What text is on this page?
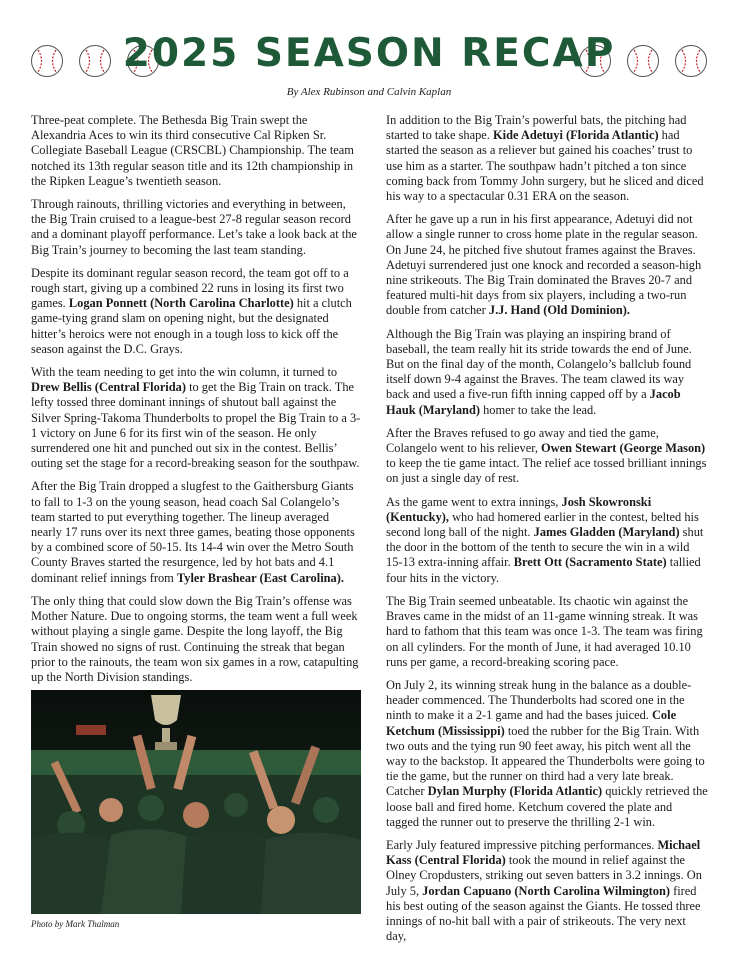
2025 SEASON RECAP
By Alex Rubinson and Calvin Kaplan

Three-peat complete. The Bethesda Big Train swept the Alexandria Aces to win its third consecutive Cal Ripken Sr. Collegiate Baseball League (CRSCBL) Championship. The team notched its 13th regular season title and its 12th championship in the Ripken League’s twentieth season.

Through rainouts, thrilling victories and everything in between, the Big Train cruised to a league-best 27-8 regular season record and a dominant playoff performance. Let’s take a look back at the Big Train’s journey to becoming the last team standing.

Despite its dominant regular season record, the team got off to a rough start, giving up a combined 22 runs in losing its first two games. Logan Ponnett (North Carolina Charlotte) hit a clutch game-tying grand slam on opening night, but the designated hitter’s heroics were not enough in a tough loss to kick off the season against the D.C. Grays.

With the team needing to get into the win column, it turned to Drew Bellis (Central Florida) to get the Big Train on track. The lefty tossed three dominant innings of shutout ball against the Silver Spring-Takoma Thunderbolts to propel the Big Train to a 3-1 victory on June 6 for its first win of the season. He only surrendered one hit and punched out six in the contest. Bellis’ outing set the stage for a record-breaking season for the southpaw.

After the Big Train dropped a slugfest to the Gaithersburg Giants to fall to 1-3 on the young season, head coach Sal Colangelo’s team started to put everything together. The lineup averaged nearly 17 runs over its next three games, beating those opponents by a combined score of 50-15. Its 14-4 win over the Metro South County Braves started the resurgence, led by hot bats and 4.1 dominant relief innings from Tyler Brashear (East Carolina).

The only thing that could slow down the Big Train’s offense was Mother Nature. Due to ongoing storms, the team went a full week without playing a single game. Despite the long layoff, the Big Train showed no signs of rust. Continuing the streak that began prior to the rainouts, the team won six games in a row, catapulting up the North Division standings.

In addition to the Big Train’s powerful bats, the pitching had started to take shape. Kide Adetuyi (Florida Atlantic) had started the season as a reliever but gained his coaches’ trust to use him as a starter. The southpaw hadn’t pitched a ton since coming back from Tommy John surgery, but he sliced and diced his way to a spectacular 0.31 ERA on the season.

After he gave up a run in his first appearance, Adetuyi did not allow a single runner to cross home plate in the regular season. On June 24, he pitched five shutout frames against the Braves. Adetuyi surrendered just one knock and recorded a season-high nine strikeouts. The Big Train dominated the Braves 20-7 and featured multi-hit days from six players, including a two-run double from catcher J.J. Hand (Old Dominion).

Although the Big Train was playing an inspiring brand of baseball, the team really hit its stride towards the end of June. But on the final day of the month, Colangelo’s ballclub found itself down 9-4 against the Braves. The team clawed its way back and used a five-run fifth inning capped off by a Jacob Hauk (Maryland) homer to take the lead.

After the Braves refused to go away and tied the game, Colangelo went to his reliever, Owen Stewart (George Mason) to keep the tie game intact. The relief ace tossed brilliant innings on just a single day of rest.

As the game went to extra innings, Josh Skowronski (Kentucky), who had homered earlier in the contest, belted his second long ball of the night. James Gladden (Maryland) shut the door in the bottom of the tenth to secure the win in a wild 15-13 extra-inning affair. Brett Ott (Sacramento State) tallied four hits in the victory.

The Big Train seemed unbeatable. Its chaotic win against the Braves came in the midst of an 11-game winning streak. It was hard to fathom that this team was once 1-3. The team was firing on all cylinders. For the month of June, it had averaged 10.10 runs per game, a record-breaking scoring pace.

On July 2, its winning streak hung in the balance as a double-header commenced. The Thunderbolts had scored one in the ninth to make it a 2-1 game and had the bases juiced. Cole Ketchum (Mississippi) toed the rubber for the Big Train. With two outs and the tying run 90 feet away, his pitch went all the way to the backstop. It appeared the Thunderbolts were going to tie the game, but the runner on third had a very late break. Catcher Dylan Murphy (Florida Atlantic) quickly retrieved the loose ball and fired home. Ketchum covered the plate and tagged the runner out to preserve the thrilling 2-1 win.

Early July featured impressive pitching performances. Michael Kass (Central Florida) took the mound in relief against the Olney Cropdusters, striking out seven batters in 3.2 innings. On July 5, Jordan Capuano (North Carolina Wilmington) fired his best outing of the season against the Giants. He tossed three innings of no-hit ball with a pair of strikeouts. The very next day,

Photo by Mark Thalman
